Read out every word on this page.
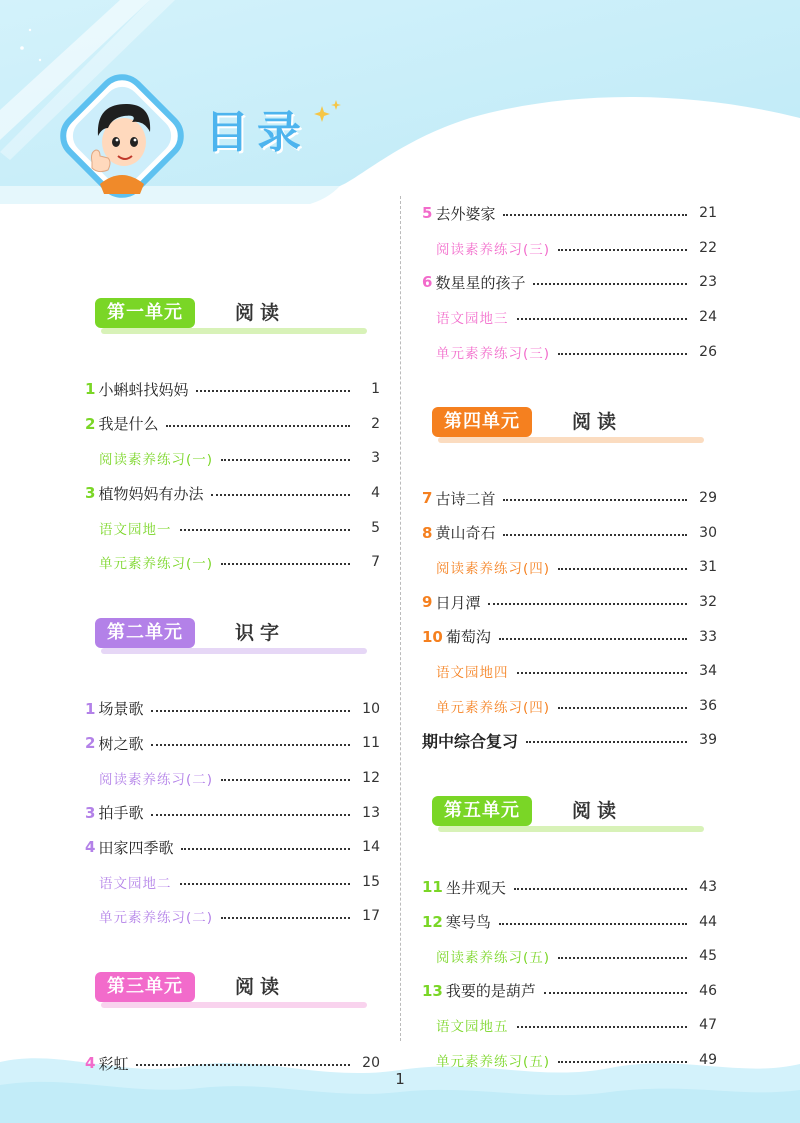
目录
第一单元	阅读
1 小蝌蚪找妈妈	1
2 我是什么	2
阅读素养练习(一)	3
3 植物妈妈有办法	4
语文园地一	5
单元素养练习(一)	7
第二单元	识字
1 场景歌	10
2 树之歌	11
阅读素养练习(二)	12
3 拍手歌	13
4 田家四季歌	14
语文园地二	15
单元素养练习(二)	17
第三单元	阅读
4 彩虹	20
5 去外婆家	21
阅读素养练习(三)	22
6 数星星的孩子	23
语文园地三	24
单元素养练习(三)	26
第四单元	阅读
7 古诗二首	29
8 黄山奇石	30
阅读素养练习(四)	31
9 日月潭	32
10 葡萄沟	33
语文园地四	34
单元素养练习(四)	36
期中综合复习	39
第五单元	阅读
11 坐井观天	43
12 寒号鸟	44
阅读素养练习(五)	45
13 我要的是葫芦	46
语文园地五	47
单元素养练习(五)	49
1
